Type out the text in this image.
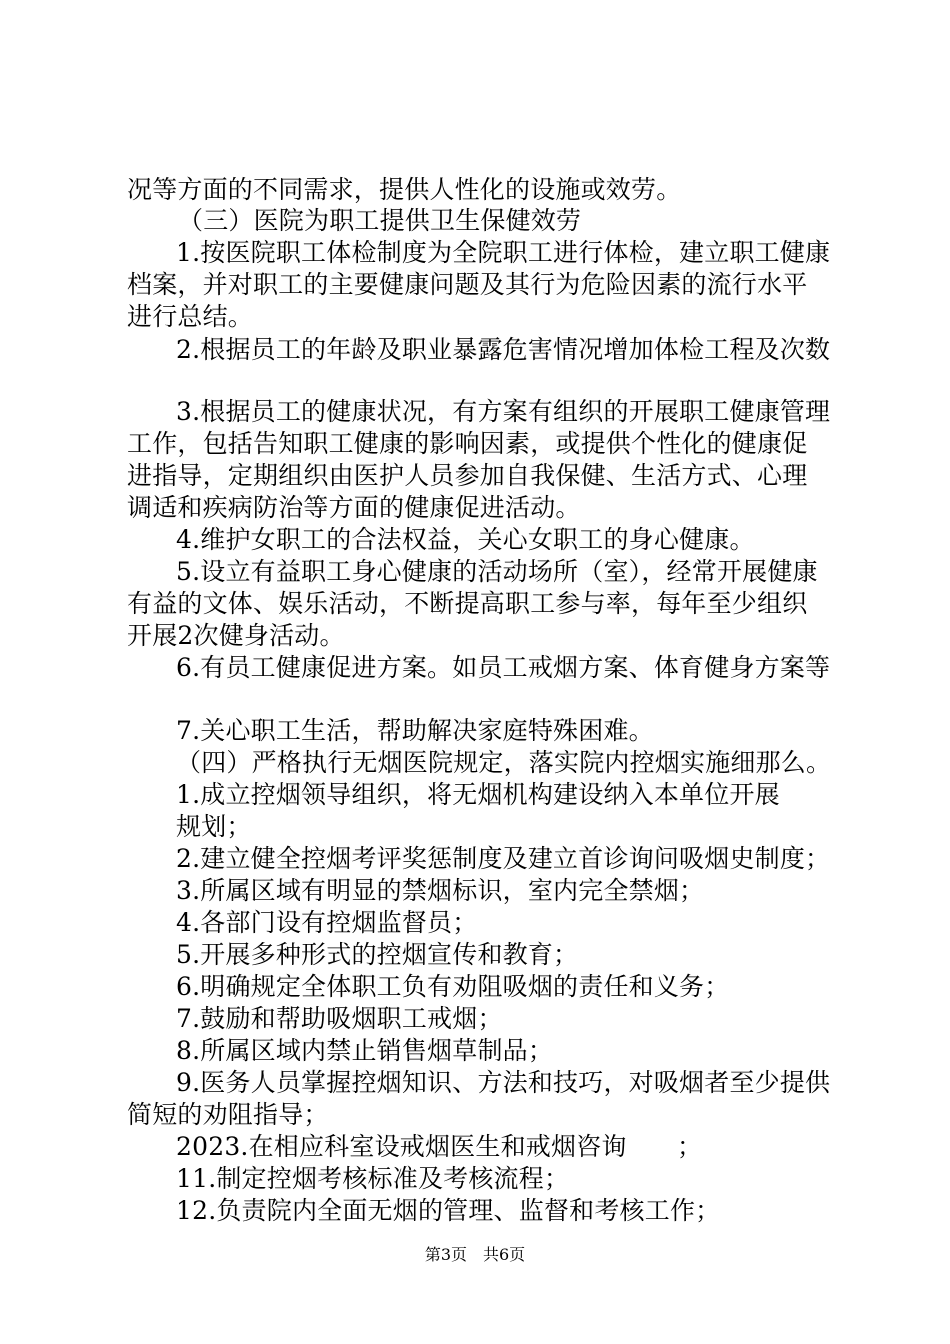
况等方面的不同需求，提供人性化的设施或效劳。
（三）医院为职工提供卫生保健效劳
1.按医院职工体检制度为全院职工进行体检，建立职工健康
档案，并对职工的主要健康问题及其行为危险因素的流行水平
进行总结。
2.根据员工的年龄及职业暴露危害情况增加体检工程及次数
3.根据员工的健康状况，有方案有组织的开展职工健康管理
工作，包括告知职工健康的影响因素，或提供个性化的健康促
进指导，定期组织由医护人员参加自我保健、生活方式、心理
调适和疾病防治等方面的健康促进活动。
4.维护女职工的合法权益，关心女职工的身心健康。
5.设立有益职工身心健康的活动场所（室），经常开展健康
有益的文体、娱乐活动，不断提高职工参与率，每年至少组织
开展2次健身活动。
6.有员工健康促进方案。如员工戒烟方案、体育健身方案等
7.关心职工生活，帮助解决家庭特殊困难。
（四）严格执行无烟医院规定，落实院内控烟实施细那么。
1.成立控烟领导组织，将无烟机构建设纳入本单位开展
规划；
2.建立健全控烟考评奖惩制度及建立首诊询问吸烟史制度；
3.所属区域有明显的禁烟标识，室内完全禁烟；
4.各部门设有控烟监督员；
5.开展多种形式的控烟宣传和教育；
6.明确规定全体职工负有劝阻吸烟的责任和义务；
7.鼓励和帮助吸烟职工戒烟；
8.所属区域内禁止销售烟草制品；
9.医务人员掌握控烟知识、方法和技巧，对吸烟者至少提供
简短的劝阻指导；
2023.在相应科室设戒烟医生和戒烟咨询　　；
11.制定控烟考核标准及考核流程；
12.负责院内全面无烟的管理、监督和考核工作；
第3页　共6页
